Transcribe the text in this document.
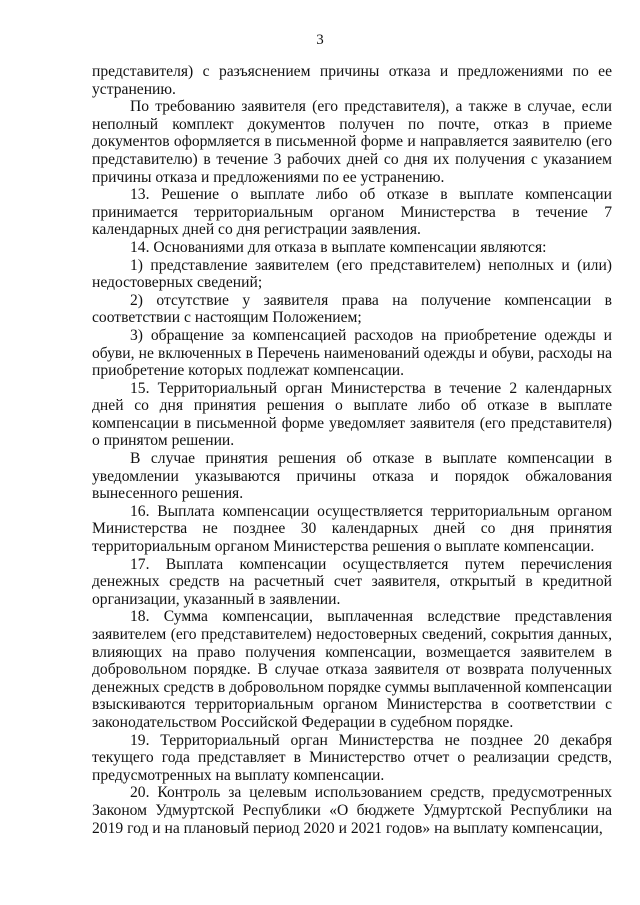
3

представителя) с разъяснением причины отказа и предложениями по ее устранению.

По требованию заявителя (его представителя), а также в случае, если неполный комплект документов получен по почте, отказ в приеме документов оформляется в письменной форме и направляется заявителю (его представителю) в течение 3 рабочих дней со дня их получения с указанием причины отказа и предложениями по ее устранению.

13. Решение о выплате либо об отказе в выплате компенсации принимается территориальным органом Министерства в течение 7 календарных дней со дня регистрации заявления.

14. Основаниями для отказа в выплате компенсации являются:

1) представление заявителем (его представителем) неполных и (или) недостоверных сведений;

2) отсутствие у заявителя права на получение компенсации в соответствии с настоящим Положением;

3) обращение за компенсацией расходов на приобретение одежды и обуви, не включенных в Перечень наименований одежды и обуви, расходы на приобретение которых подлежат компенсации.

15. Территориальный орган Министерства в течение 2 календарных дней со дня принятия решения о выплате либо об отказе в выплате компенсации в письменной форме уведомляет заявителя (его представителя) о принятом решении.

В случае принятия решения об отказе в выплате компенсации в уведомлении указываются причины отказа и порядок обжалования вынесенного решения.

16. Выплата компенсации осуществляется территориальным органом Министерства не позднее 30 календарных дней со дня принятия территориальным органом Министерства решения о выплате компенсации.

17. Выплата компенсации осуществляется путем перечисления денежных средств на расчетный счет заявителя, открытый в кредитной организации, указанный в заявлении.

18. Сумма компенсации, выплаченная вследствие представления заявителем (его представителем) недостоверных сведений, сокрытия данных, влияющих на право получения компенсации, возмещается заявителем в добровольном порядке. В случае отказа заявителя от возврата полученных денежных средств в добровольном порядке суммы выплаченной компенсации взыскиваются территориальным органом Министерства в соответствии с законодательством Российской Федерации в судебном порядке.

19. Территориальный орган Министерства не позднее 20 декабря текущего года представляет в Министерство отчет о реализации средств, предусмотренных на выплату компенсации.

20. Контроль за целевым использованием средств, предусмотренных Законом Удмуртской Республики «О бюджете Удмуртской Республики на 2019 год и на плановый период 2020 и 2021 годов» на выплату компенсации,
